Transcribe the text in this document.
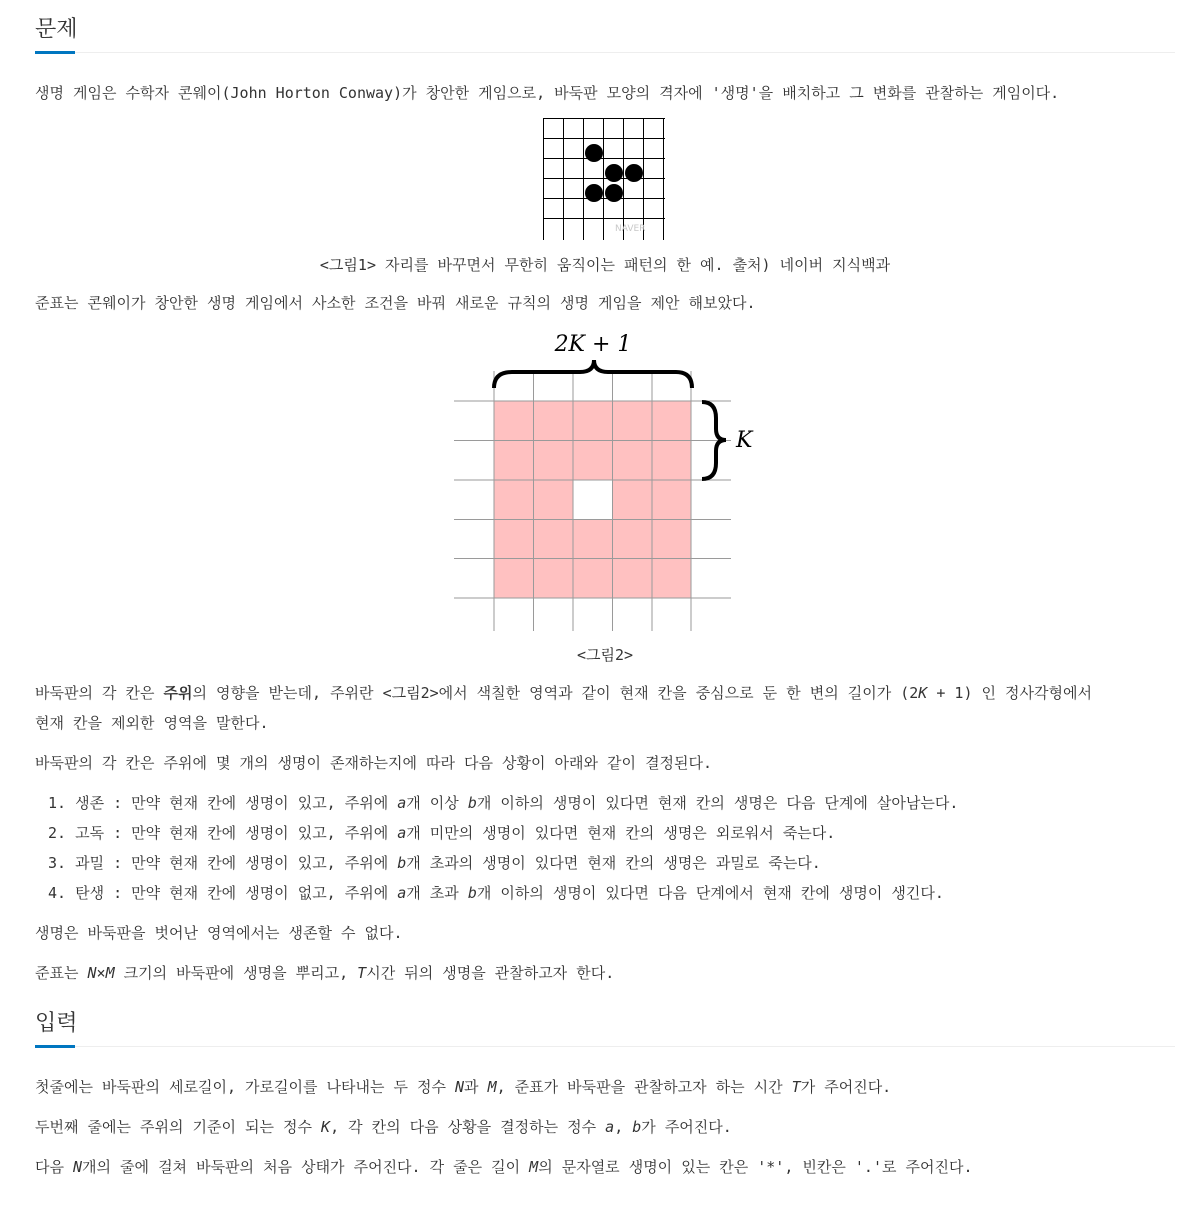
문제
생명 게임은 수학자 콘웨이(John Horton Conway)가 창안한 게임으로, 바둑판 모양의 격자에 '생명'을 배치하고 그 변화를 관찰하는 게임이다.
NAVER
<그림1> 자리를 바꾸면서 무한히 움직이는 패턴의 한 예. 출처) 네이버 지식백과
준표는 콘웨이가 창안한 생명 게임에서 사소한 조건을 바꿔 새로운 규칙의 생명 게임을 제안 해보았다.
2K + 1
K
<그림2>
바둑판의 각 칸은 주위의 영향을 받는데, 주위란 <그림2>에서 색칠한 영역과 같이 현재 칸을 중심으로 둔 한 변의 길이가 (2K + 1) 인 정사각형에서
현재 칸을 제외한 영역을 말한다.
바둑판의 각 칸은 주위에 몇 개의 생명이 존재하는지에 따라 다음 상황이 아래와 같이 결정된다.
1. 생존 : 만약 현재 칸에 생명이 있고, 주위에 a개 이상 b개 이하의 생명이 있다면 현재 칸의 생명은 다음 단계에 살아남는다.
2. 고독 : 만약 현재 칸에 생명이 있고, 주위에 a개 미만의 생명이 있다면 현재 칸의 생명은 외로워서 죽는다.
3. 과밀 : 만약 현재 칸에 생명이 있고, 주위에 b개 초과의 생명이 있다면 현재 칸의 생명은 과밀로 죽는다.
4. 탄생 : 만약 현재 칸에 생명이 없고, 주위에 a개 초과 b개 이하의 생명이 있다면 다음 단계에서 현재 칸에 생명이 생긴다.
생명은 바둑판을 벗어난 영역에서는 생존할 수 없다.
준표는 N×M 크기의 바둑판에 생명을 뿌리고, T시간 뒤의 생명을 관찰하고자 한다.
입력
첫줄에는 바둑판의 세로길이, 가로길이를 나타내는 두 정수 N과 M, 준표가 바둑판을 관찰하고자 하는 시간 T가 주어진다.
두번째 줄에는 주위의 기준이 되는 정수 K, 각 칸의 다음 상황을 결정하는 정수 a, b가 주어진다.
다음 N개의 줄에 걸쳐 바둑판의 처음 상태가 주어진다. 각 줄은 길이 M의 문자열로 생명이 있는 칸은 '*', 빈칸은 '.'로 주어진다.
